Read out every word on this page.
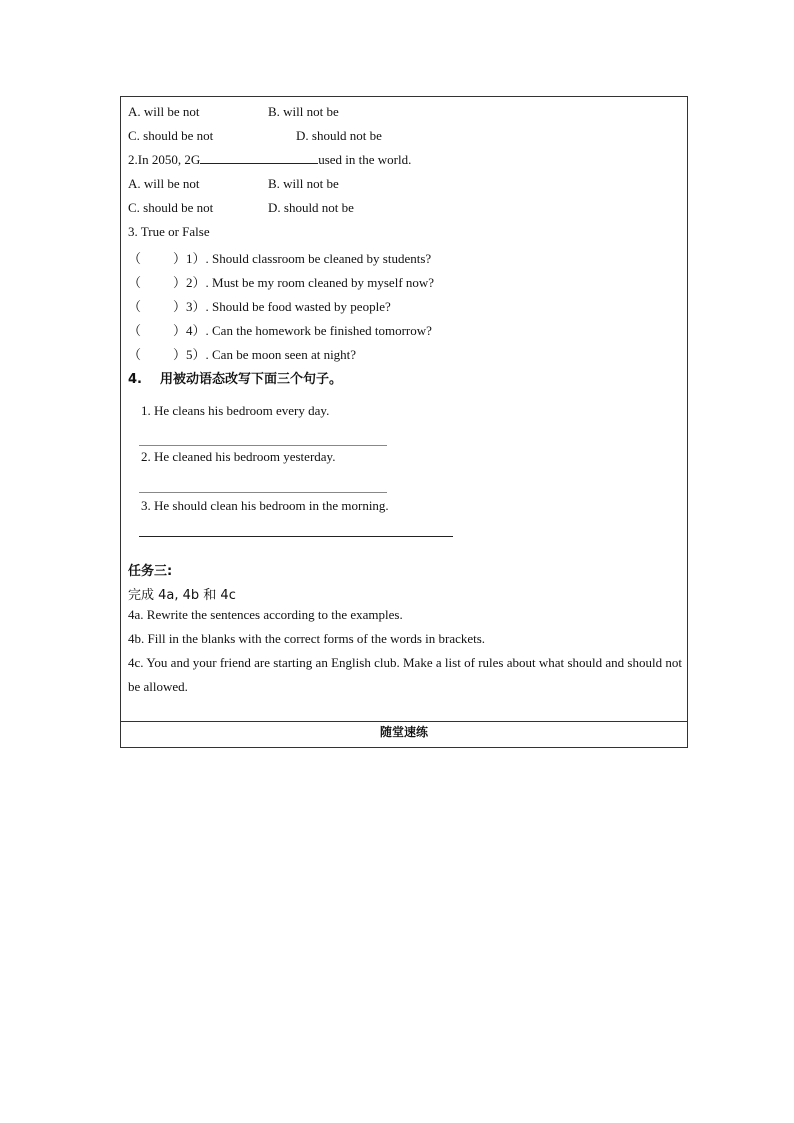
A. will be not	B. will not be
C. should be not	D. should not be
2.In 2050, 2G	used in the world.
A. will be not	B. will not be
C. should be not	D. should not be
3. True or False
（ ）1）. Should classroom be cleaned by students?
（ ）2）. Must be my room cleaned by myself now?
（ ）3）. Should be food wasted by people?
（ ）4）. Can the homework be finished tomorrow?
（ ）5）. Can be moon seen at night?
4. 用被动语态改写下面三个句子。
1. He cleans his bedroom every day.
2. He cleaned his bedroom yesterday.
3. He should clean his bedroom in the morning.
任务三:
完成 4a, 4b 和 4c
4a. Rewrite the sentences according to the examples.
4b. Fill in the blanks with the correct forms of the words in brackets.
4c. You and your friend are starting an English club. Make a list of rules about what should and should not be allowed.
随堂速练
